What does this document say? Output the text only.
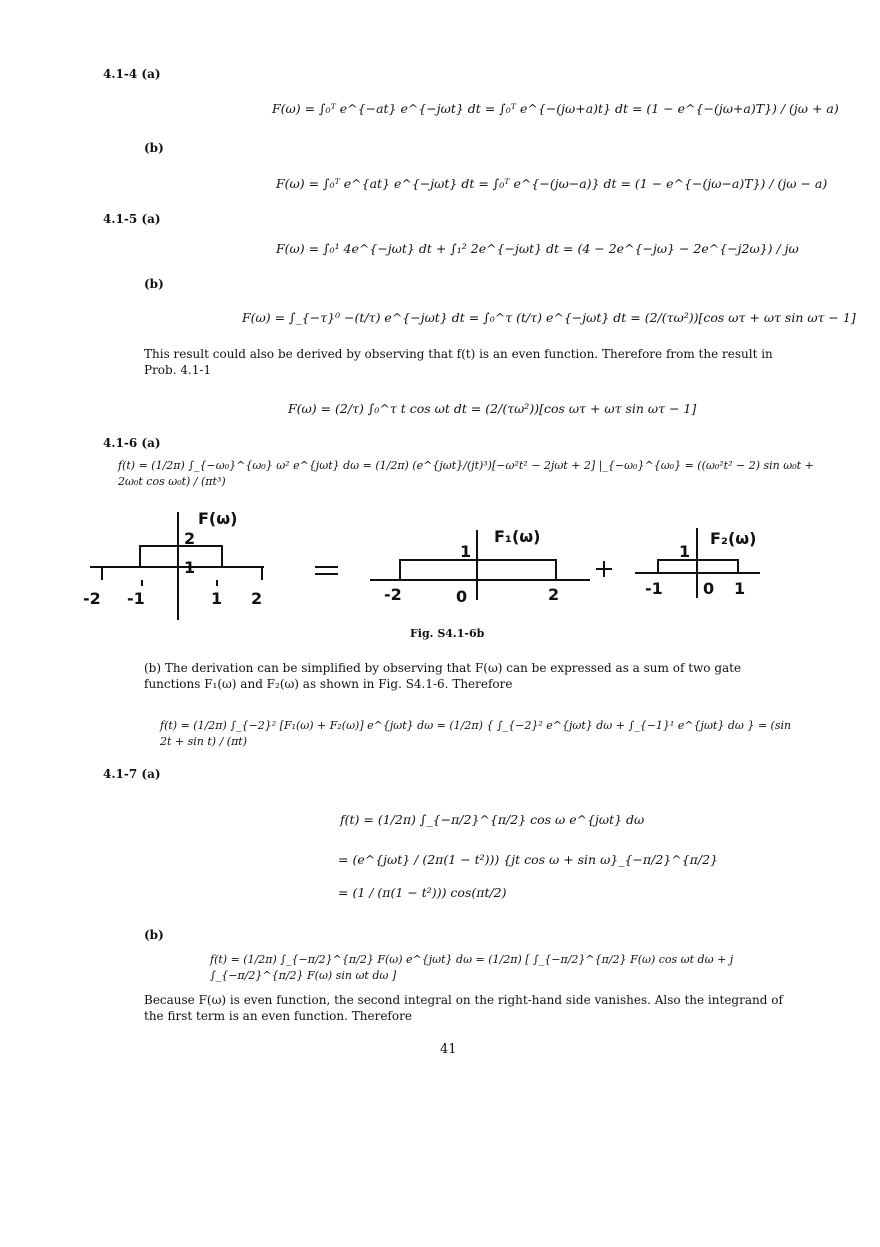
4.1-4 (a)
(b)
4.1-5 (a)
(b)
4.1-6 (a)
4.1-7 (a)
(b)
F(ω) = ∫₀ᵀ e^{−at} e^{−jωt} dt = ∫₀ᵀ e^{−(jω+a)t} dt = (1 − e^{−(jω+a)T}) / (jω + a)
F(ω) = ∫₀ᵀ e^{at} e^{−jωt} dt = ∫₀ᵀ e^{−(jω−a)} dt = (1 − e^{−(jω−a)T}) / (jω − a)
F(ω) = ∫₀¹ 4e^{−jωt} dt + ∫₁² 2e^{−jωt} dt = (4 − 2e^{−jω} − 2e^{−j2ω}) / jω
F(ω) = ∫_{−τ}⁰ −(t/τ) e^{−jωt} dt = ∫₀^τ (t/τ) e^{−jωt} dt = (2/(τω²))[cos ωτ + ωτ sin ωτ − 1]
This result could also be derived by observing that f(t) is an even function. Therefore from the result in Prob. 4.1-1
F(ω) = (2/τ) ∫₀^τ t cos ωt dt = (2/(τω²))[cos ωτ + ωτ sin ωτ − 1]
f(t) = (1/2π) ∫_{−ω₀}^{ω₀} ω² e^{jωt} dω = (1/2π) (e^{jωt}/(jt)³)[−ω²t² − 2jωt + 2] |_{−ω₀}^{ω₀} = ((ω₀²t² − 2) sin ω₀t + 2ω₀t cos ω₀t) / (πt³)
F(ω)
2
1
-2 -1	1 2
F₁(ω)
1
-2	0	2
F₂(ω)
1
-1	0 1
Fig. S4.1-6b
(b) The derivation can be simplified by observing that F(ω) can be expressed as a sum of two gate functions F₁(ω) and F₂(ω) as shown in Fig. S4.1-6. Therefore
f(t) = (1/2π) ∫_{−2}² [F₁(ω) + F₂(ω)] e^{jωt} dω = (1/2π) { ∫_{−2}² e^{jωt} dω + ∫_{−1}¹ e^{jωt} dω } = (sin 2t + sin t) / (πt)
f(t) = (1/2π) ∫_{−π/2}^{π/2} cos ω e^{jωt} dω
= (e^{jωt} / (2π(1 − t²))) {jt cos ω + sin ω}_{−π/2}^{π/2}
= (1 / (π(1 − t²))) cos(πt/2)
f(t) = (1/2π) ∫_{−π/2}^{π/2} F(ω) e^{jωt} dω = (1/2π) [ ∫_{−π/2}^{π/2} F(ω) cos ωt dω + j ∫_{−π/2}^{π/2} F(ω) sin ωt dω ]
Because F(ω) is even function, the second integral on the right-hand side vanishes. Also the integrand of the first term is an even function. Therefore
41
